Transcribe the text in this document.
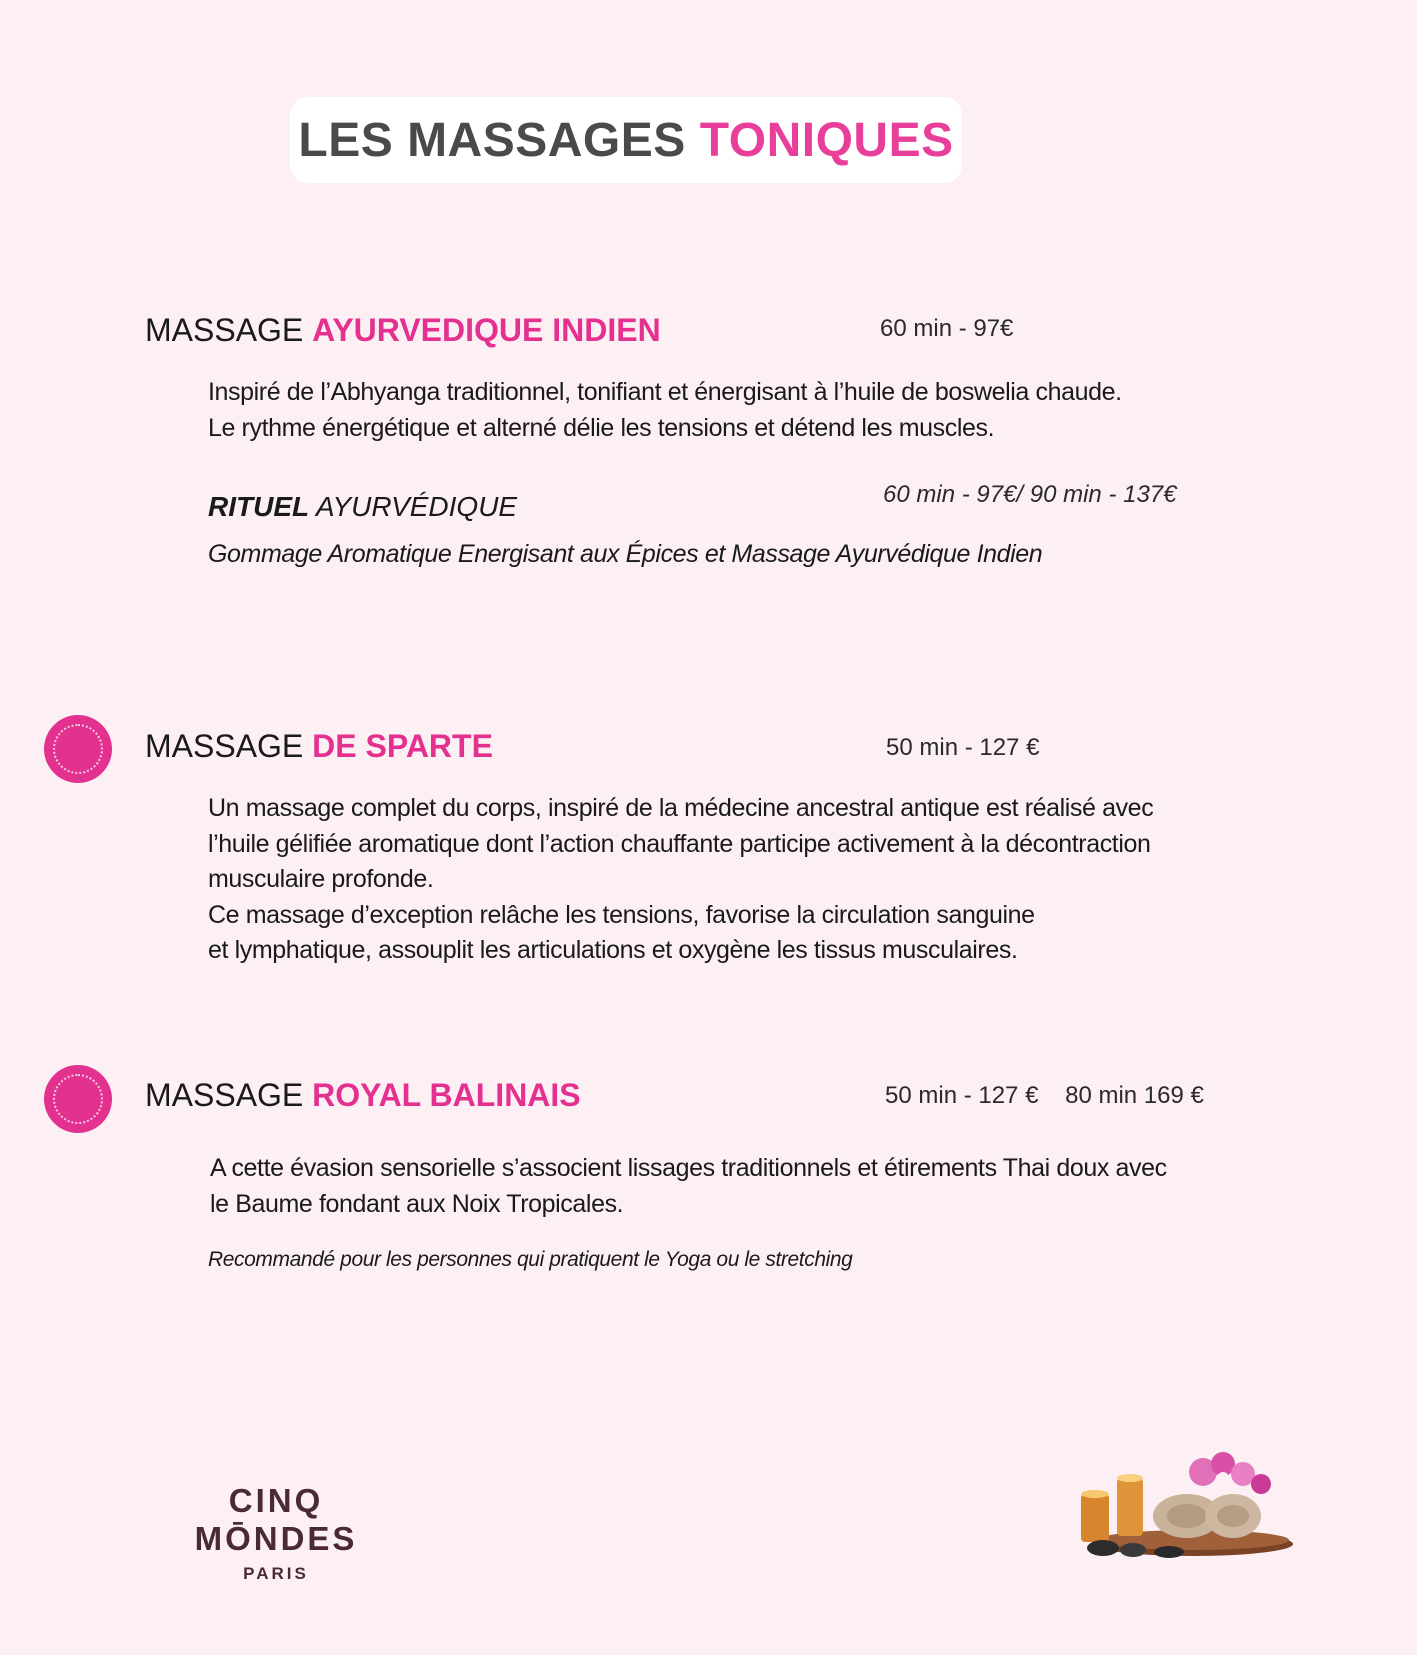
LES MASSAGES TONIQUES
MASSAGE AYURVEDIQUE INDIEN	60 min - 97€
Inspiré de l’Abhyanga traditionnel, tonifiant et énergisant à l’huile de boswelia chaude.
Le rythme énergétique et alterné délie les tensions et détend les muscles.
RITUEL AYURVÉDIQUE	60 min - 97€/ 90 min - 137€
Gommage Aromatique Energisant aux Épices et Massage Ayurvédique Indien
MASSAGE DE SPARTE	50 min - 127 €
Un massage complet du corps, inspiré de la médecine ancestral antique est réalisé avec
l’huile gélifiée aromatique dont l’action chauffante participe activement à la décontraction
musculaire profonde.
Ce massage d’exception relâche les tensions, favorise la circulation sanguine
et lymphatique, assouplit les articulations et oxygène les tissus musculaires.
MASSAGE ROYAL BALINAIS	50 min - 127 €    80 min 169 €
A cette évasion sensorielle s’associent lissages traditionnels et étirements Thai doux avec
le Baume fondant aux Noix Tropicales.
Recommandé pour les personnes qui pratiquent le Yoga ou le stretching
CINQ MŌNDES
PARIS
